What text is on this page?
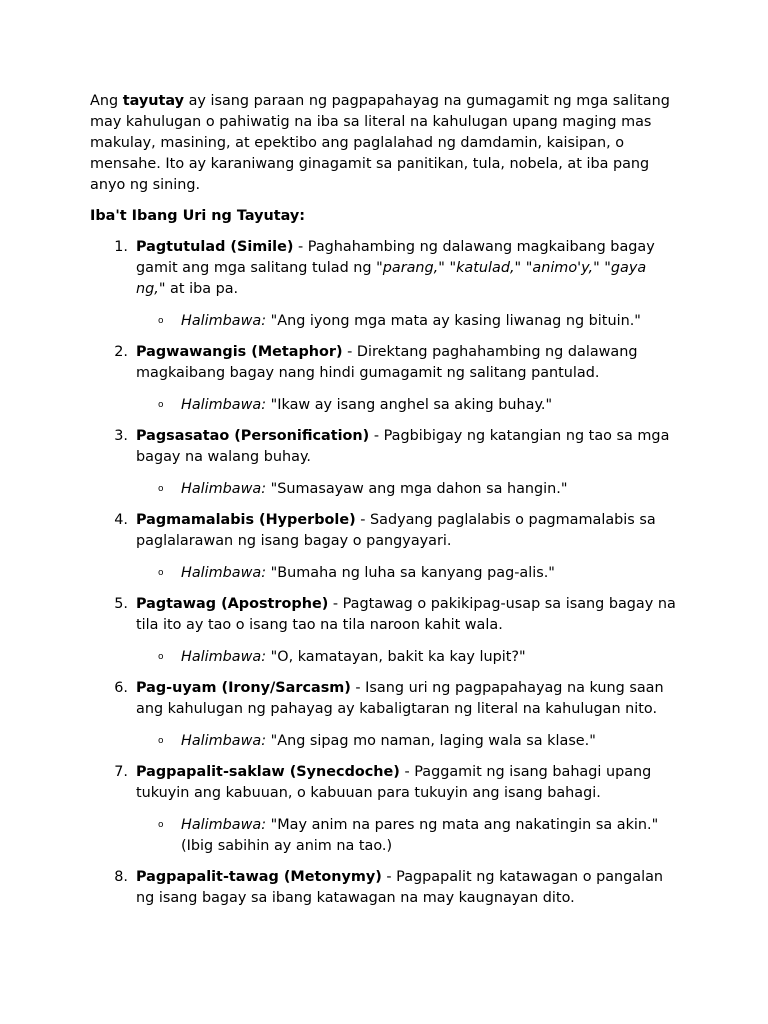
Ang tayutay ay isang paraan ng pagpapahayag na gumagamit ng mga salitang may kahulugan o pahiwatig na iba sa literal na kahulugan upang maging mas makulay, masining, at epektibo ang paglalahad ng damdamin, kaisipan, o mensahe. Ito ay karaniwang ginagamit sa panitikan, tula, nobela, at iba pang anyo ng sining.

Iba't Ibang Uri ng Tayutay:

1. Pagtutulad (Simile) - Paghahambing ng dalawang magkaibang bagay gamit ang mga salitang tulad ng "parang," "katulad," "animo'y," "gaya ng," at iba pa.
o Halimbawa: "Ang iyong mga mata ay kasing liwanag ng bituin."
2. Pagwawangis (Metaphor) - Direktang paghahambing ng dalawang magkaibang bagay nang hindi gumagamit ng salitang pantulad.
o Halimbawa: "Ikaw ay isang anghel sa aking buhay."
3. Pagsasatao (Personification) - Pagbibigay ng katangian ng tao sa mga bagay na walang buhay.
o Halimbawa: "Sumasayaw ang mga dahon sa hangin."
4. Pagmamalabis (Hyperbole) - Sadyang paglalabis o pagmamalabis sa paglalarawan ng isang bagay o pangyayari.
o Halimbawa: "Bumaha ng luha sa kanyang pag-alis."
5. Pagtawag (Apostrophe) - Pagtawag o pakikipag-usap sa isang bagay na tila ito ay tao o isang tao na tila naroon kahit wala.
o Halimbawa: "O, kamatayan, bakit ka kay lupit?"
6. Pag-uyam (Irony/Sarcasm) - Isang uri ng pagpapahayag na kung saan ang kahulugan ng pahayag ay kabaligtaran ng literal na kahulugan nito.
o Halimbawa: "Ang sipag mo naman, laging wala sa klase."
7. Pagpapalit-saklaw (Synecdoche) - Paggamit ng isang bahagi upang tukuyin ang kabuuan, o kabuuan para tukuyin ang isang bahagi.
o Halimbawa: "May anim na pares ng mata ang nakatingin sa akin." (Ibig sabihin ay anim na tao.)
8. Pagpapalit-tawag (Metonymy) - Pagpapalit ng katawagan o pangalan ng isang bagay sa ibang katawagan na may kaugnayan dito.
